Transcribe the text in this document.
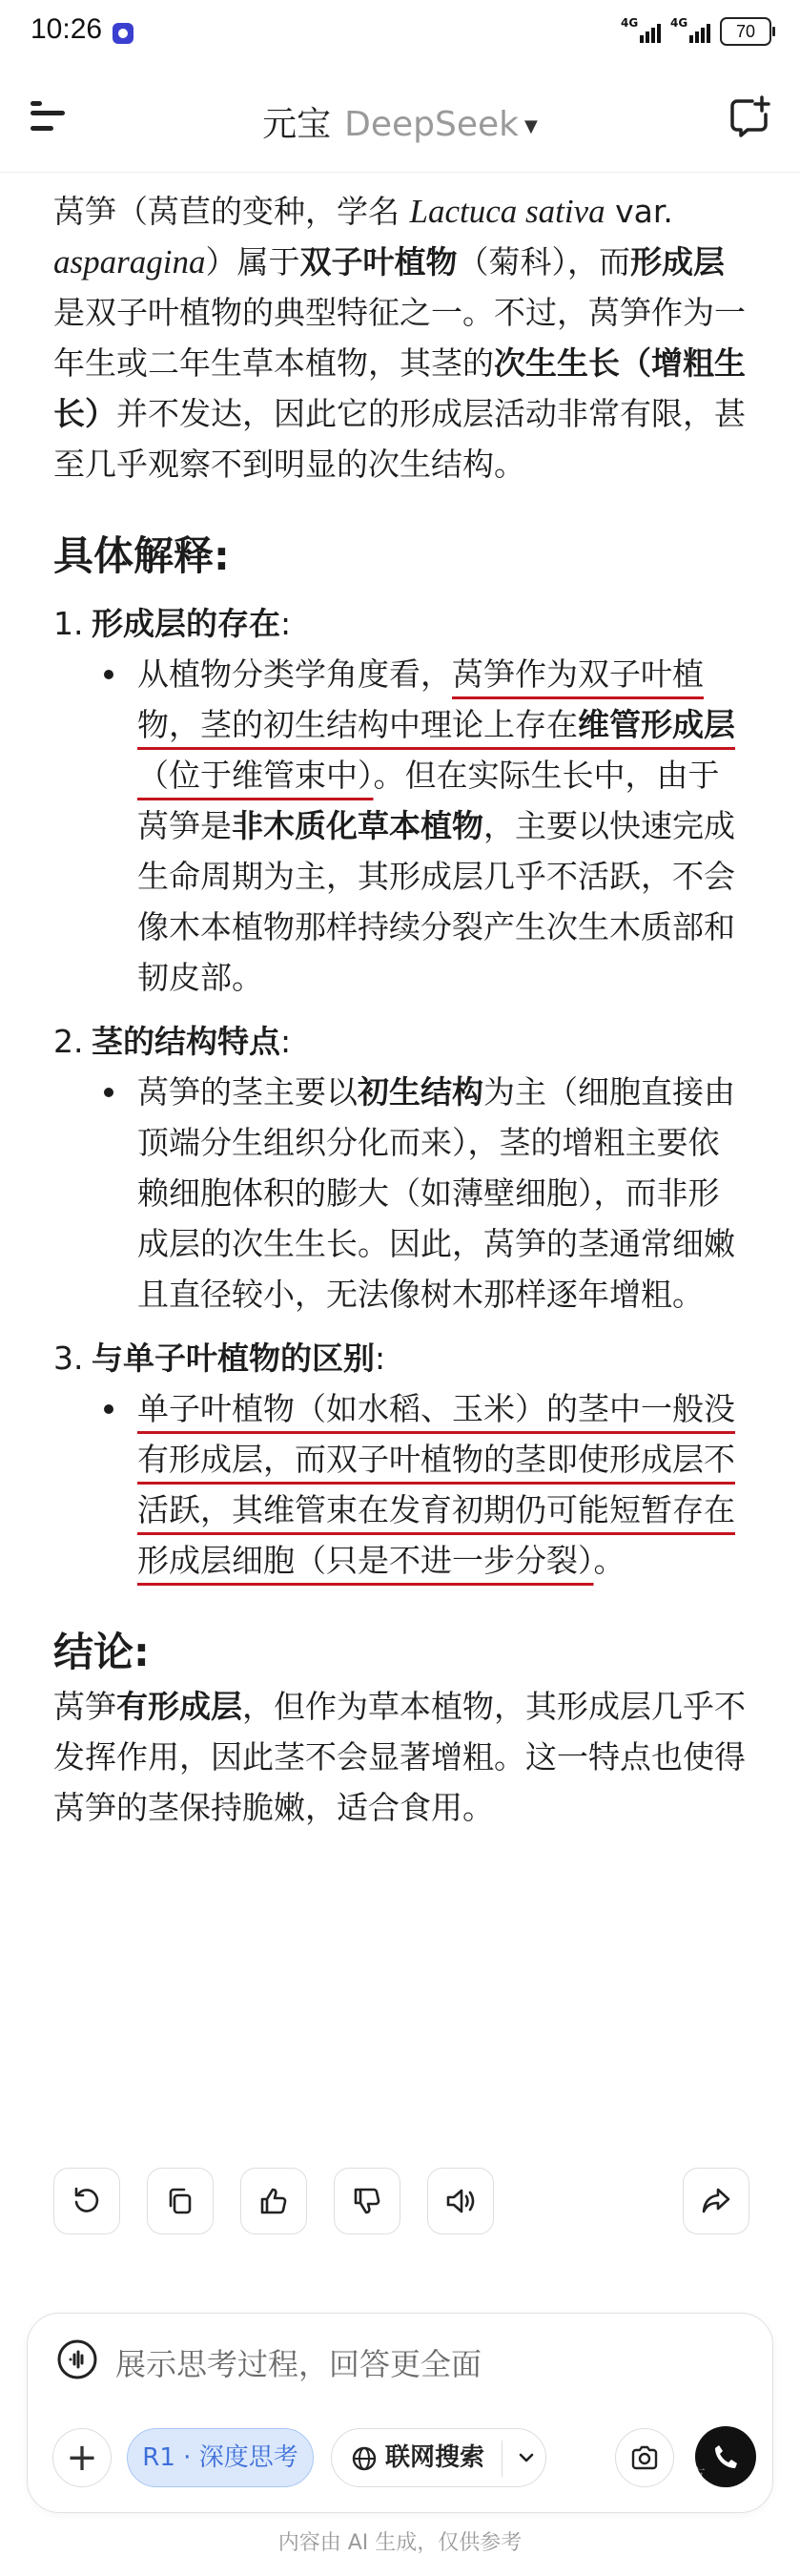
10:26	4G	4G	70
元宝 DeepSeek ▼

莴笋（莴苣的变种，学名 Lactuca sativa var. asparagina）属于双子叶植物（菊科），而形成层是双子叶植物的典型特征之一。不过，莴笋作为一年生或二年生草本植物，其茎的次生生长（增粗生长）并不发达，因此它的形成层活动非常有限，甚至几乎观察不到明显的次生结构。

具体解释:
1. 形成层的存在:

从植物分类学角度看，莴笋作为双子叶植物，茎的初生结构中理论上存在维管形成层（位于维管束中）。但在实际生长中，由于莴笋是非木质化草本植物，主要以快速完成生命周期为主，其形成层几乎不活跃，不会像木本植物那样持续分裂产生次生木质部和韧皮部。

2. 茎的结构特点:

莴笋的茎主要以初生结构为主（细胞直接由顶端分生组织分化而来），茎的增粗主要依赖细胞体积的膨大（如薄壁细胞），而非形成层的次生生长。因此，莴笋的茎通常细嫩且直径较小，无法像树木那样逐年增粗。

3. 与单子叶植物的区别:

单子叶植物（如水稻、玉米）的茎中一般没有形成层，而双子叶植物的茎即使形成层不活跃，其维管束在发育初期仍可能短暂存在形成层细胞（只是不进一步分裂）。

结论:

莴笋有形成层，但作为草本植物，其形成层几乎不发挥作用，因此茎不会显著增粗。这一特点也使得莴笋的茎保持脆嫩，适合食用。

展示思考过程，回答更全面
+	R1 · 深度思考	联网搜索
东方
内容由 AI 生成，仅供参考
